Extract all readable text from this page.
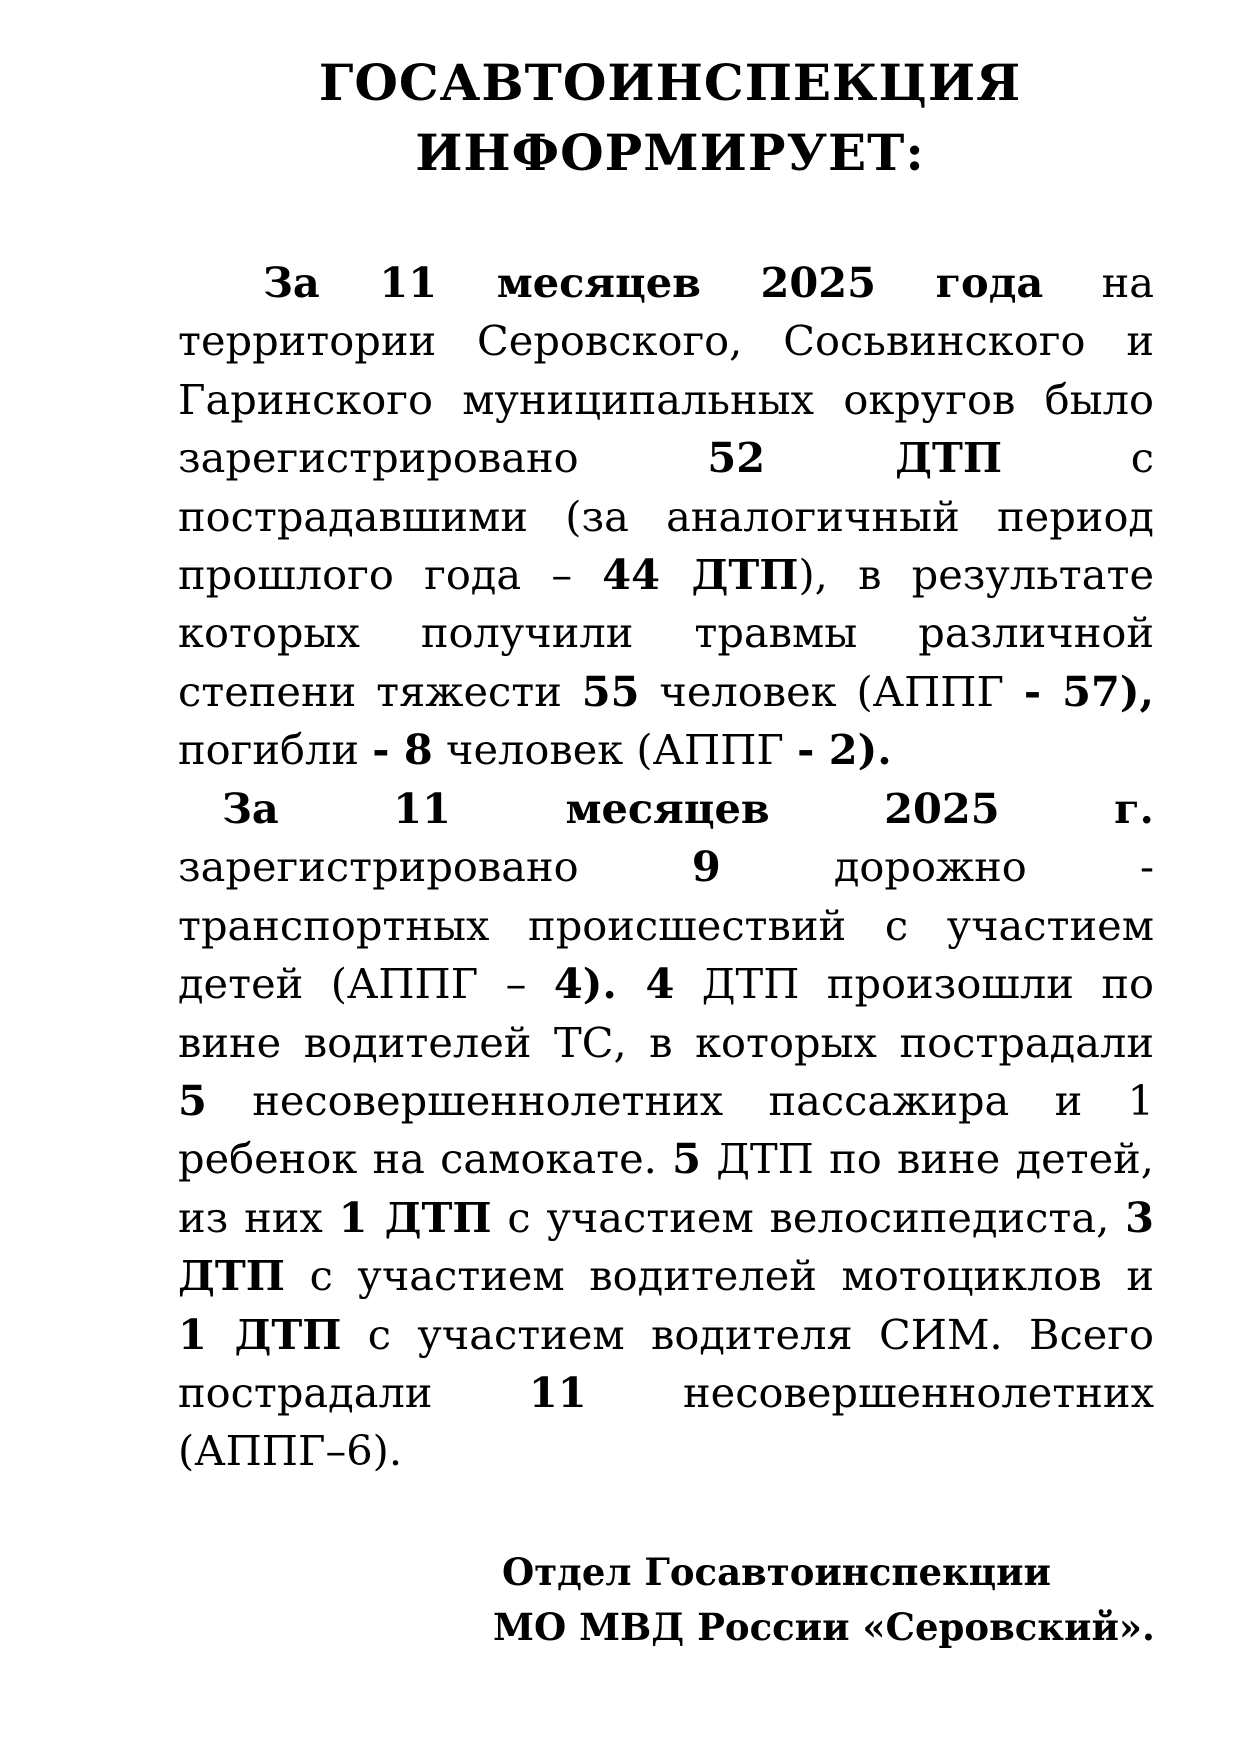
ГОСАВТОИНСПЕКЦИЯ
ИНФОРМИРУЕТ:
За 11 месяцев 2025 года на
территории Серовского, Сосьвинского и
Гаринского муниципальных округов было
зарегистрировано 52 ДТП с
пострадавшими (за аналогичный период
прошлого года – 44 ДТП), в результате
которых получили травмы различной
степени тяжести 55 человек (АППГ - 57),
погибли - 8 человек (АППГ - 2).
За 11 месяцев 2025 г.
зарегистрировано 9 дорожно -
транспортных происшествий с участием
детей (АППГ – 4). 4 ДТП произошли по
вине водителей ТС, в которых пострадали
5 несовершеннолетних пассажира и 1
ребенок на самокате. 5 ДТП по вине детей,
из них 1 ДТП с участием велосипедиста, 3
ДТП с участием водителей мотоциклов и
1 ДТП с участием водителя СИМ. Всего
пострадали 11 несовершеннолетних
(АППГ–6).
Отдел Госавтоинспекции
МО МВД России «Серовский».
